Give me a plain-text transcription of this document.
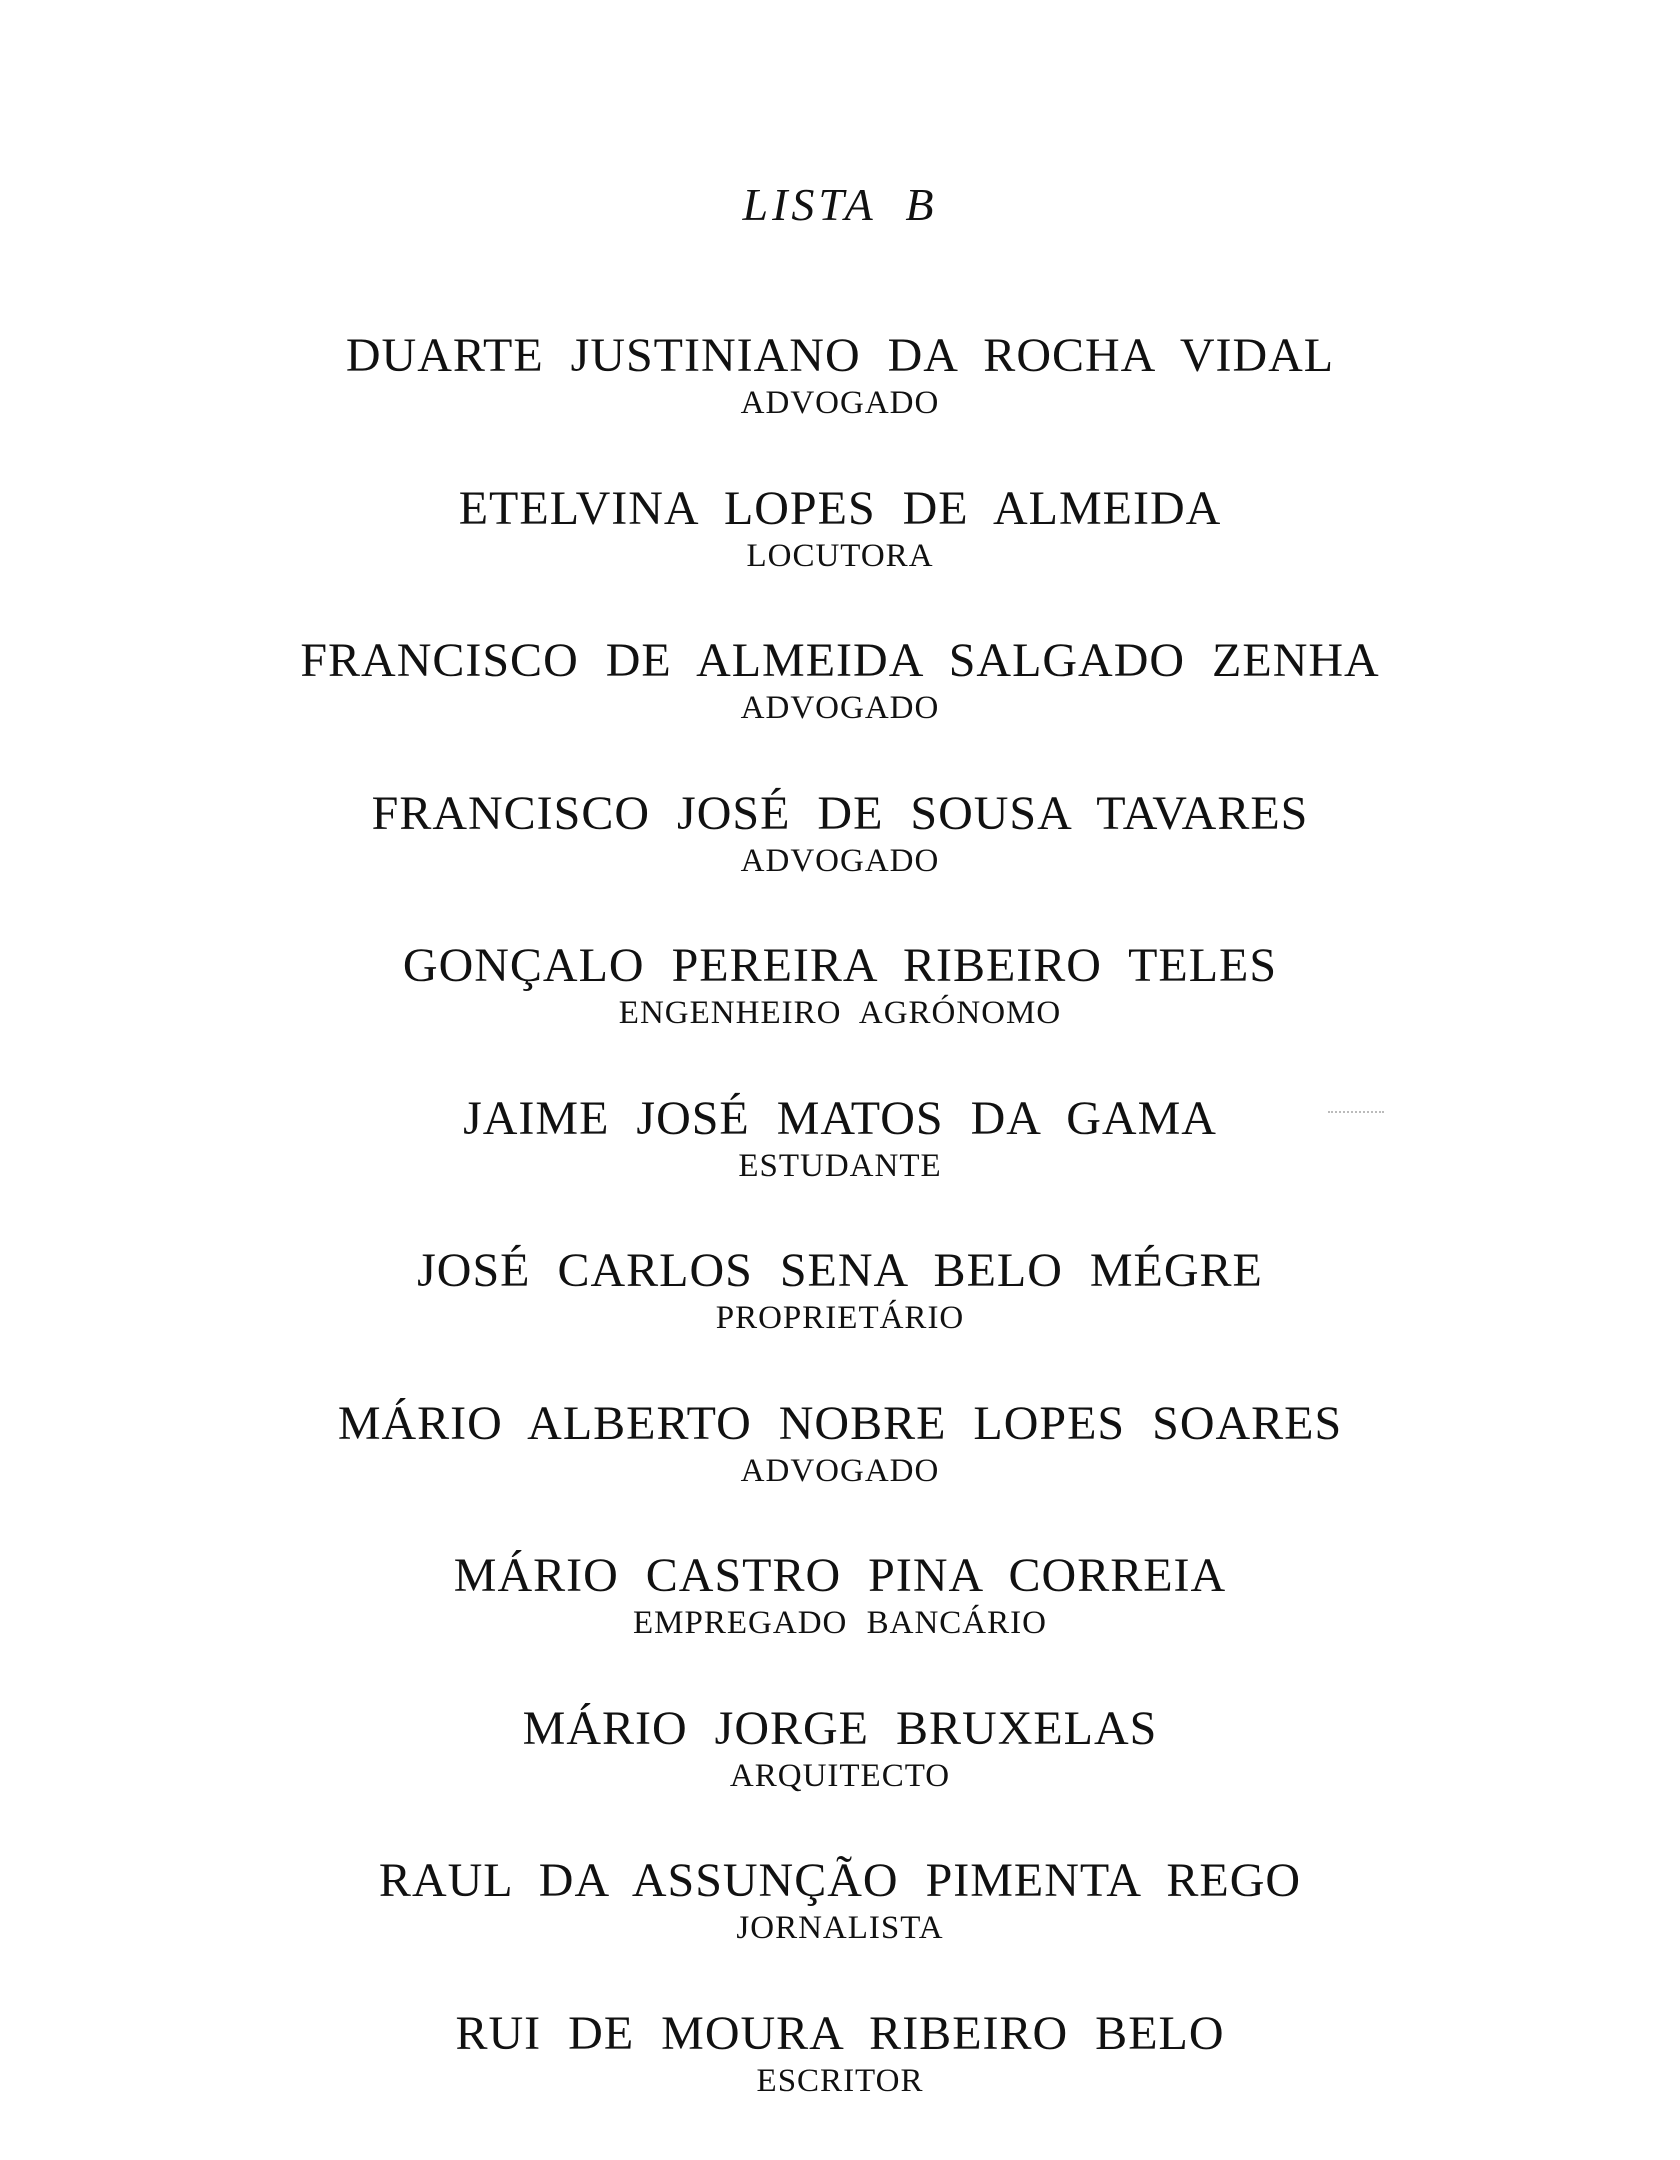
LISTA B
DUARTE JUSTINIANO DA ROCHA VIDAL
ADVOGADO
ETELVINA LOPES DE ALMEIDA
LOCUTORA
FRANCISCO DE ALMEIDA SALGADO ZENHA
ADVOGADO
FRANCISCO JOSÉ DE SOUSA TAVARES
ADVOGADO
GONÇALO PEREIRA RIBEIRO TELES
ENGENHEIRO AGRÓNOMO
JAIME JOSÉ MATOS DA GAMA
ESTUDANTE
JOSÉ CARLOS SENA BELO MÉGRE
PROPRIETÁRIO
MÁRIO ALBERTO NOBRE LOPES SOARES
ADVOGADO
MÁRIO CASTRO PINA CORREIA
EMPREGADO BANCÁRIO
MÁRIO JORGE BRUXELAS
ARQUITECTO
RAUL DA ASSUNÇÃO PIMENTA REGO
JORNALISTA
RUI DE MOURA RIBEIRO BELO
ESCRITOR
